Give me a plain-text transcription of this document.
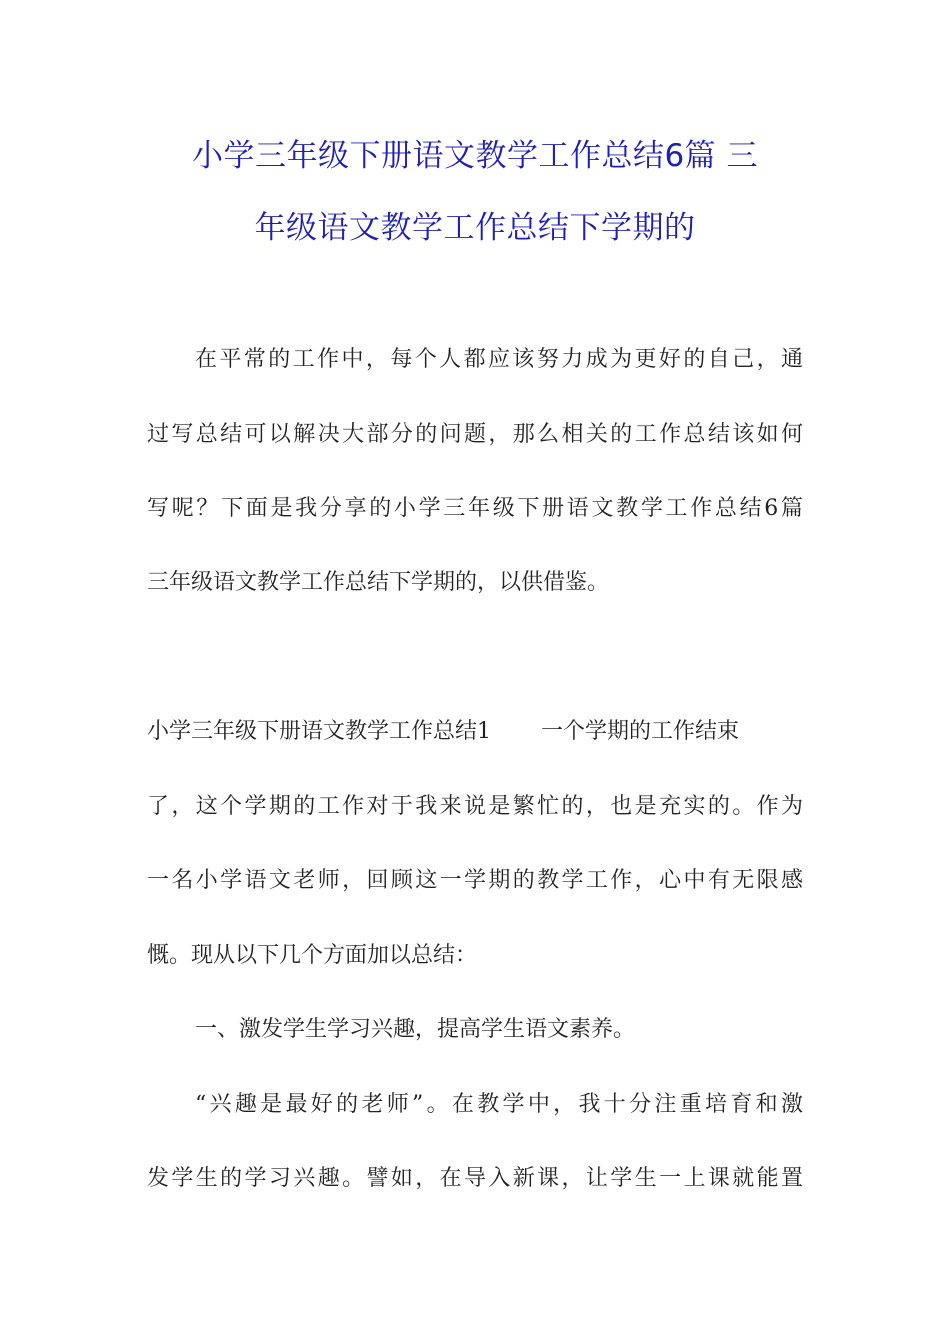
小学三年级下册语文教学工作总结6篇 三
年级语文教学工作总结下学期的

在平常的工作中，每个人都应该努力成为更好的自己，通

过写总结可以解决大部分的问题，那么相关的工作总结该如何

写呢？下面是我分享的小学三年级下册语文教学工作总结6篇

三年级语文教学工作总结下学期的，以供借鉴。

小学三年级下册语文教学工作总结1 一个学期的工作结束

了，这个学期的工作对于我来说是繁忙的，也是充实的。作为

一名小学语文老师，回顾这一学期的教学工作，心中有无限感

慨。现从以下几个方面加以总结：

一、激发学生学习兴趣，提高学生语文素养。

“兴趣是最好的老师”。在教学中，我十分注重培育和激

发学生的学习兴趣。譬如，在导入新课，让学生一上课就能置
